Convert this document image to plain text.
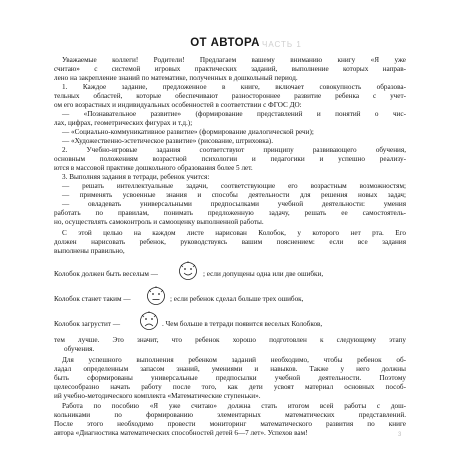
ЧАСТЬ 1
ОТ АВТОРА
Уважаемые коллеги! Родители! Предлагаем вашему вниманию книгу «Я уже
считаю» с системой игровых практических заданий, выполнение которых направ-
лено на закрепление знаний по математике, полученных в дошкольный период.
1. Каждое задание, предложенное в книге, включает совокупность образова-
тельных областей, которые обеспечивают разностороннее развитие ребенка с учет-
ом его возрастных и индивидуальных особенностей в соответствии с ФГОС ДО:
— «Познавательное развитие» (формирование представлений и понятий о чис-
лах, цифрах, геометрических фигурах и т.д.);
— «Социально-коммуникативное развитие» (формирование диалогической речи);
— «Художественно-эстетическое развитие» (рисование, штриховка).
2. Учебно-игровые задания соответствуют принципу развивающего обучения,
основным положениям возрастной психологии и педагогики и успешно реализу-
ются в массовой практике дошкольного образования более 5 лет.
3. Выполняя задания в тетради, ребенок учится:
— решать интеллектуальные задачи, соответствующие его возрастным возможностям;
— применять усвоенные знания и способы деятельности для решения новых задач;
— овладевать универсальными предпосылками учебной деятельности: умения
работать по правилам, понимать предложенную задачу, решать ее самостоятель-
но, осуществлять самоконтроль и самооценку выполненной работы.
С этой целью на каждом листе нарисован Колобок, у которого нет рта. Его
должен нарисовать ребенок, руководствуясь вашим пояснением: если все задания
выполнены правильно,
Колобок должен быть веселым —	; если допущены одна или две ошибки,
Колобок станет таким —	; если ребенок сделал больше трех ошибок,
Колобок загрустит —	. Чем больше в тетради появится веселых Колобков,
тем лучше. Это значит, что ребенок хорошо подготовлен к следующему этапу
обучения.
Для успешного выполнения ребенком заданий необходимо, чтобы ребенок об-
ладал определенным запасом знаний, умениями и навыков. Также у него должны
быть сформированы универсальные предпосылки учебной деятельности. Поэтому
целесообразно начать работу после того, как дети усвоят материал основных пособ-
ий учебно-методического комплекта «Математические ступеньки».
Работа по пособию «Я уже считаю» должна стать итогом всей работы с дош-
кольниками по формированию элементарных математических представлений.
После этого необходимо провести мониторинг математического развития по книге
автора «Диагностика математических способностей детей 6—7 лет». Успехов вам!	3
